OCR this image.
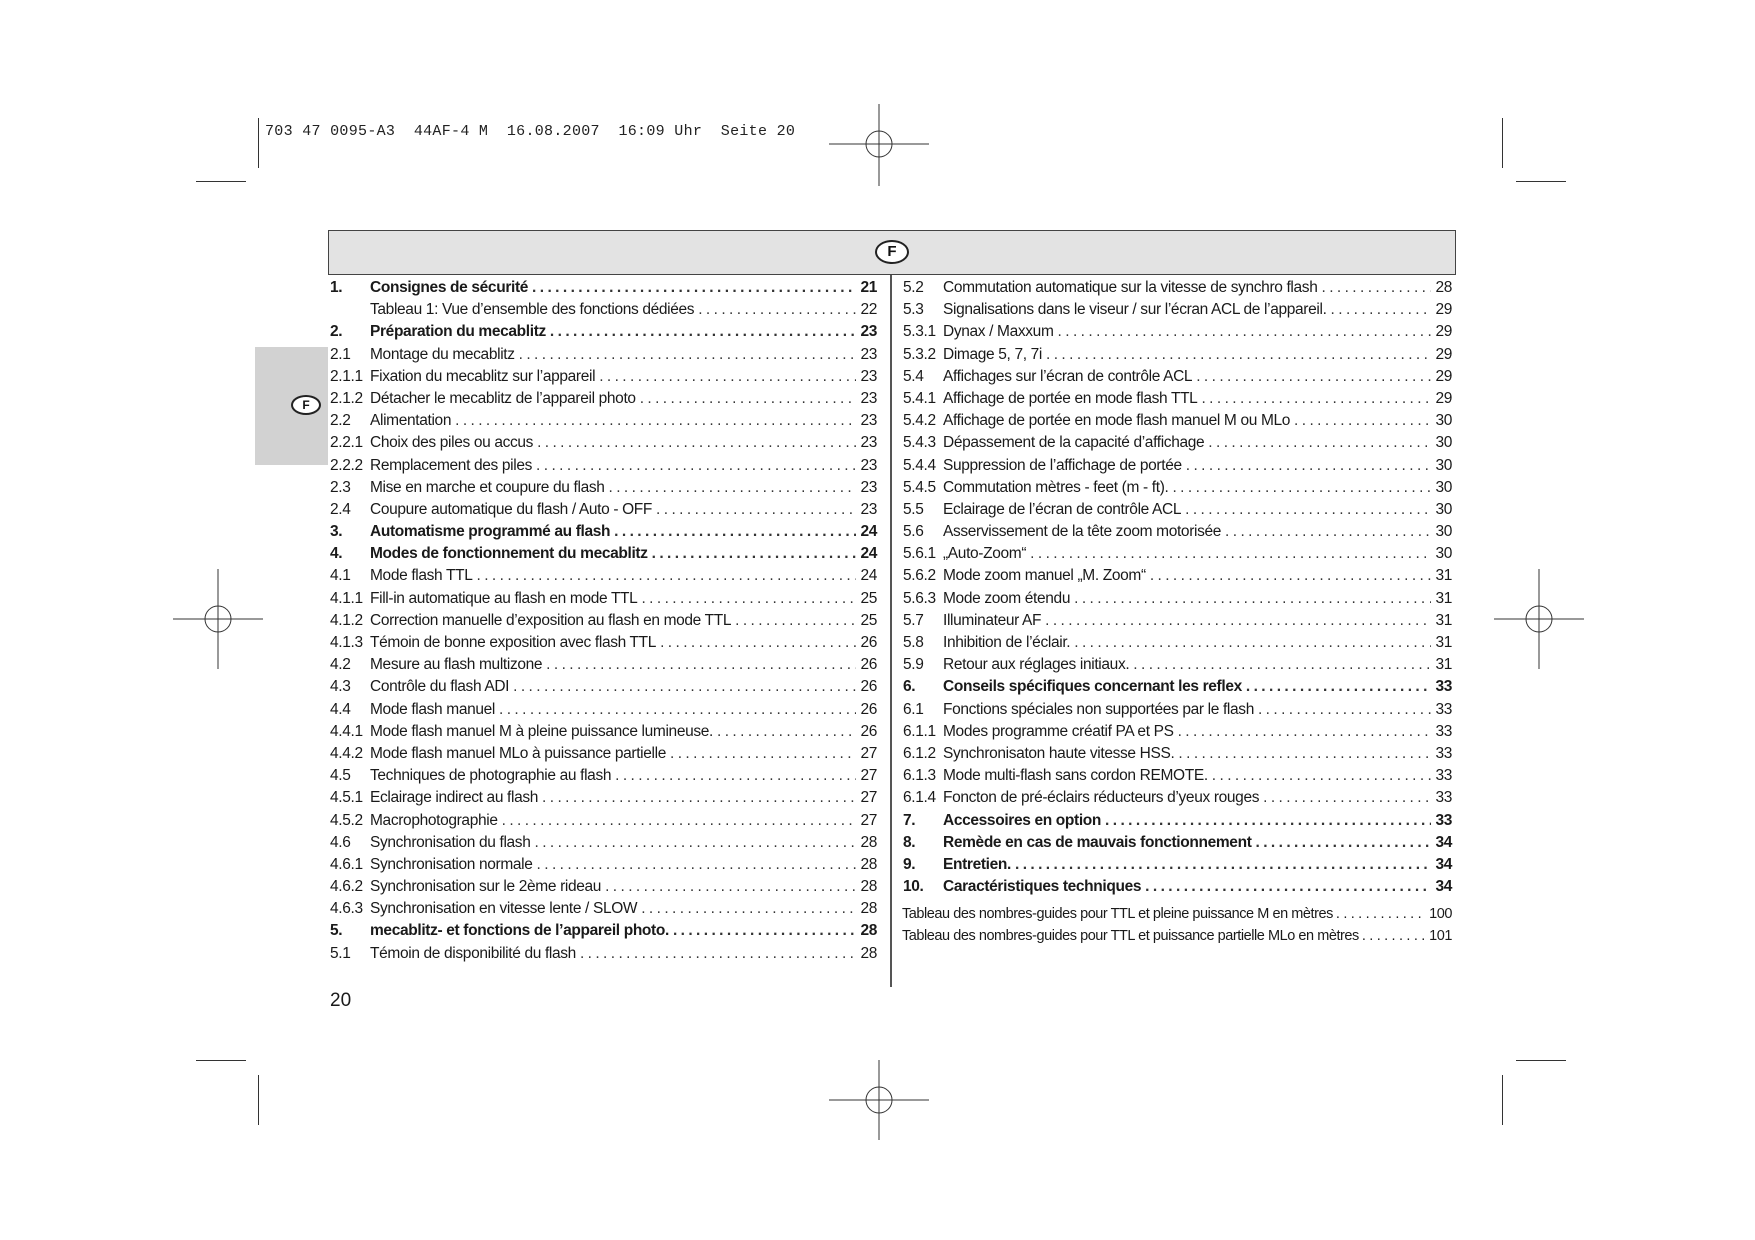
703 47 0095-A3  44AF-4 M  16.08.2007  16:09 Uhr  Seite 20
F
F
1.	Consignes de sécurité .....	21
Tableau 1: Vue d’ensemble des fonctions dédiées .....	22
2.	Préparation du mecablitz .....	23
2.1	Montage du mecablitz .....	23
2.1.1 Fixation du mecablitz sur l’appareil .....	23
2.1.2 Détacher le mecablitz de l’appareil photo .....	23
2.2	Alimentation .....	23
2.2.1 Choix des piles ou accus .....	23
2.2.2 Remplacement des piles .....	23
2.3	Mise en marche et coupure du flash .....	23
2.4	Coupure automatique du flash / Auto - OFF .....	23
3.	Automatisme programmé au flash .....	24
4.	Modes de fonctionnement du mecablitz .....	24
4.1	Mode flash TTL .....	24
4.1.1 Fill-in automatique au flash en mode TTL .....	25
4.1.2 Correction manuelle d’exposition au flash en mode TTL .....	25
4.1.3 Témoin de bonne exposition avec flash TTL .....	26
4.2	Mesure au flash multizone .....	26
4.3	Contrôle du flash ADI .....	26
4.4	Mode flash manuel .....	26
4.4.1 Mode flash manuel M à pleine puissance lumineuse. .....	26
4.4.2 Mode flash manuel MLo à puissance partielle .....	27
4.5	Techniques de photographie au flash .....	27
4.5.1 Eclairage indirect au flash .....	27
4.5.2 Macrophotographie .....	27
4.6	Synchronisation du flash .....	28
4.6.1 Synchronisation normale .....	28
4.6.2 Synchronisation sur le 2ème rideau .....	28
4.6.3 Synchronisation en vitesse lente / SLOW .....	28
5.	mecablitz- et fonctions de l’appareil photo. .....	28
5.1	Témoin de disponibilité du flash .....	28
5.2	Commutation automatique sur la vitesse de synchro flash .....	28
5.3	Signalisations dans le viseur / sur l’écran ACL de l’appareil. .....	29
5.3.1 Dynax / Maxxum .....	29
5.3.2 Dimage 5, 7, 7i .....	29
5.4	Affichages sur l’écran de contrôle ACL .....	29
5.4.1 Affichage de portée en mode flash TTL .....	29
5.4.2 Affichage de portée en mode flash manuel M ou MLo .....	30
5.4.3 Dépassement de la capacité d’affichage .....	30
5.4.4 Suppression de l’affichage de portée .....	30
5.4.5 Commutation mètres - feet (m - ft). .....	30
5.5	Eclairage de l’écran de contrôle ACL .....	30
5.6	Asservissement de la tête zoom motorisée .....	30
5.6.1 „Auto-Zoom“ .....	30
5.6.2 Mode zoom manuel „M. Zoom“ .....	31
5.6.3 Mode zoom étendu .....	31
5.7	Illuminateur AF .....	31
5.8	Inhibition de l’éclair. .....	31
5.9	Retour aux réglages initiaux. .....	31
6.	Conseils spécifiques concernant les reflex .....	33
6.1	Fonctions spéciales non supportées par le flash .....	33
6.1.1 Modes programme créatif PA et PS .....	33
6.1.2 Synchronisaton haute vitesse HSS. .....	33
6.1.3 Mode multi-flash sans cordon REMOTE. .....	33
6.1.4 Foncton de pré-éclairs réducteurs d’yeux rouges .....	33
7.	Accessoires en option .....	33
8.	Remède en cas de mauvais fonctionnement .....	34
9.	Entretien. .....	34
10.	Caractéristiques techniques .....	34
Tableau des nombres-guides pour TTL et pleine puissance M en mètres .....	100
Tableau des nombres-guides pour TTL et puissance partielle MLo en mètres .....	101
20
